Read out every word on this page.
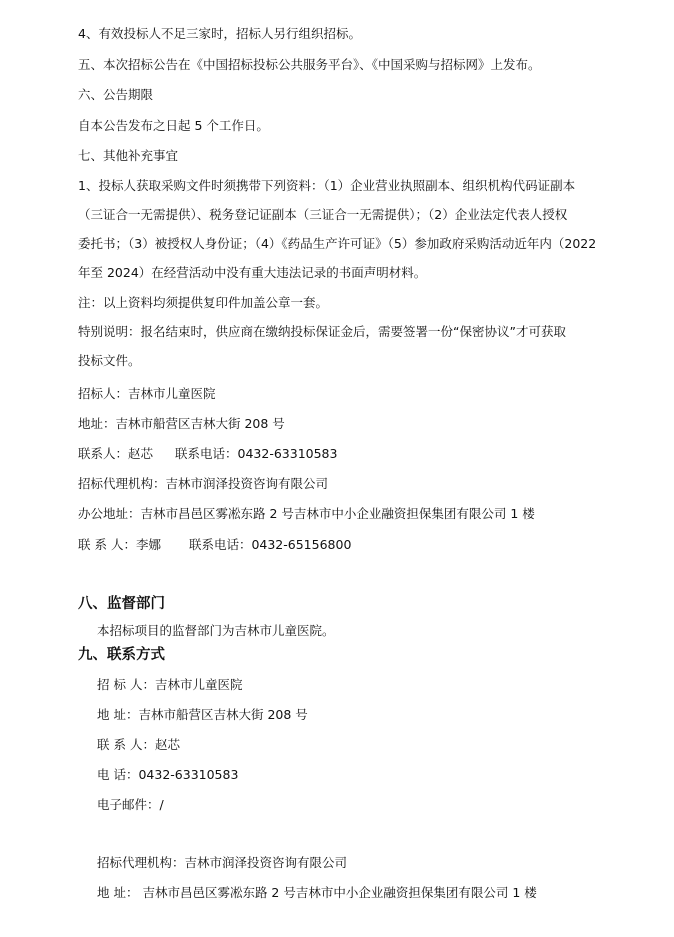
4、有效投标人不足三家时，招标人另行组织招标。
五、本次招标公告在《中国招标投标公共服务平台》、《中国采购与招标网》上发布。
六、公告期限
自本公告发布之日起 5 个工作日。
七、其他补充事宜
1、投标人获取采购文件时须携带下列资料：（1）企业营业执照副本、组织机构代码证副本
（三证合一无需提供）、税务登记证副本（三证合一无需提供）；（2）企业法定代表人授权
委托书；（3）被授权人身份证；（4）《药品生产许可证》（5）参加政府采购活动近年内（2022
年至 2024）在经营活动中没有重大违法记录的书面声明材料。
注：以上资料均须提供复印件加盖公章一套。
特别说明：报名结束时，供应商在缴纳投标保证金后，需要签署一份“保密协议”才可获取
投标文件。
招标人：吉林市儿童医院
地址：吉林市船营区吉林大街 208 号
联系人：赵芯 联系电话：0432-63310583
招标代理机构：吉林市润泽投资咨询有限公司
办公地址：吉林市昌邑区雾凇东路 2 号吉林市中小企业融资担保集团有限公司 1 楼
联 系 人：李娜 联系电话：0432-65156800
八、监督部门
本招标项目的监督部门为吉林市儿童医院。
九、联系方式
招 标 人：吉林市儿童医院
地 址：吉林市船营区吉林大街 208 号
联 系 人：赵芯
电 话：0432-63310583
电子邮件：/
招标代理机构：吉林市润泽投资咨询有限公司
地 址： 吉林市昌邑区雾凇东路 2 号吉林市中小企业融资担保集团有限公司 1 楼
